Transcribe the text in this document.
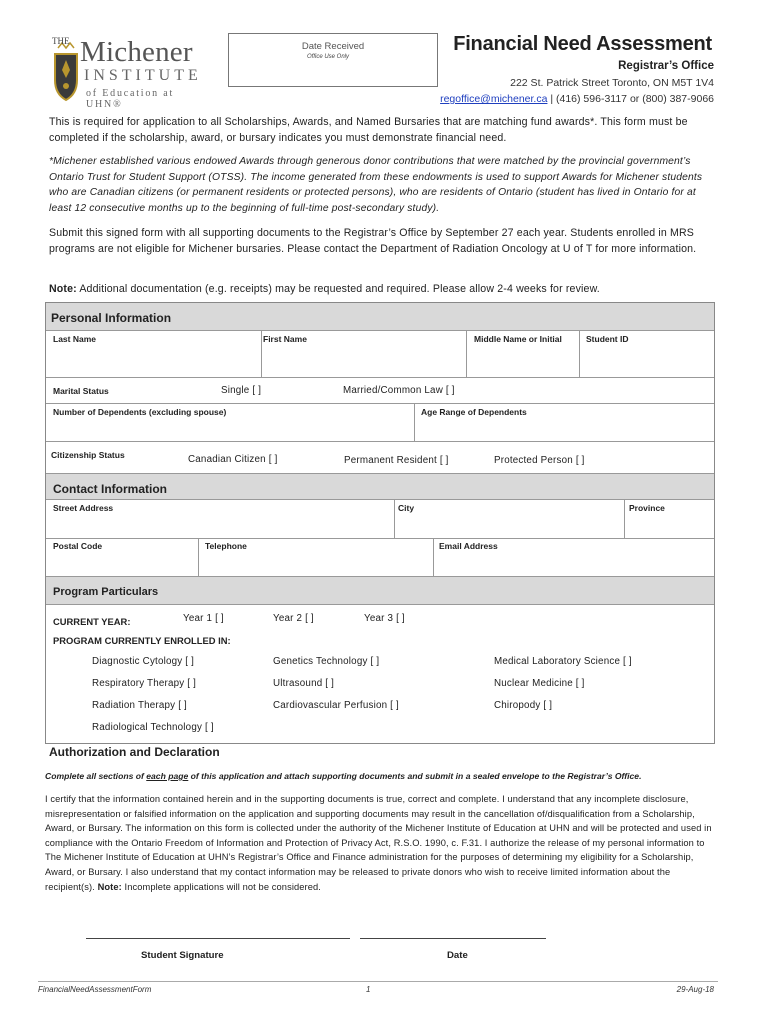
THE Michener
INSTITUTE
of Education at UHN®
Date Received
Office Use Only
Financial Need Assessment
Registrar’s Office
222 St. Patrick Street Toronto, ON M5T 1V4
regoffice@michener.ca | (416) 596-3117 or (800) 387-9066
This is required for application to all Scholarships, Awards, and Named Bursaries that are matching fund awards*. This form must be completed if the scholarship, award, or bursary indicates you must demonstrate financial need.
*Michener established various endowed Awards through generous donor contributions that were matched by the provincial government’s Ontario Trust for Student Support (OTSS). The income generated from these endowments is used to support Awards for Michener students who are Canadian citizens (or permanent residents or protected persons), who are residents of Ontario (student has lived in Ontario for at least 12 consecutive months up to the beginning of full-time post-secondary study).
Submit this signed form with all supporting documents to the Registrar’s Office by September 27 each year. Students enrolled in MRS programs are not eligible for Michener bursaries. Please contact the Department of Radiation Oncology at U of T for more information.
Note: Additional documentation (e.g. receipts) may be requested and required. Please allow 2-4 weeks for review.
Personal Information
Last Name	First Name	Middle Name or Initial	Student ID
Marital Status	Single [ ]	Married/Common Law [ ]
Number of Dependents (excluding spouse)	Age Range of Dependents
Citizenship Status	Canadian Citizen [ ]	Permanent Resident [ ]	Protected Person [ ]
Contact Information
Street Address	City	Province
Postal Code	Telephone	Email Address
Program Particulars
CURRENT YEAR:	Year 1 [ ]	Year 2 [ ]	Year 3 [ ]
PROGRAM CURRENTLY ENROLLED IN:
Diagnostic Cytology [ ]	Genetics Technology [ ]	Medical Laboratory Science [ ]
Respiratory Therapy [ ]	Ultrasound [ ]	Nuclear Medicine [ ]
Radiation Therapy [ ]	Cardiovascular Perfusion [ ]	Chiropody [ ]
Radiological Technology [ ]
Authorization and Declaration
Complete all sections of each page of this application and attach supporting documents and submit in a sealed envelope to the Registrar’s Office.
I certify that the information contained herein and in the supporting documents is true, correct and complete. I understand that any incomplete disclosure, misrepresentation or falsified information on the application and supporting documents may result in the cancellation of/disqualification from a Scholarship, Award, or Bursary. The information on this form is collected under the authority of the Michener Institute of Education at UHN and will be protected and used in compliance with the Ontario Freedom of Information and Protection of Privacy Act, R.S.O. 1990, c. F.31. I authorize the release of my personal information to The Michener Institute of Education at UHN’s Registrar’s Office and Finance administration for the purposes of determining my eligibility for a Scholarship, Award, or Bursary. I also understand that my contact information may be released to private donors who wish to receive limited information about the recipient(s). Note: Incomplete applications will not be considered.
Student Signature	Date
FinancialNeedAssessmentForm	1	29-Aug-18
